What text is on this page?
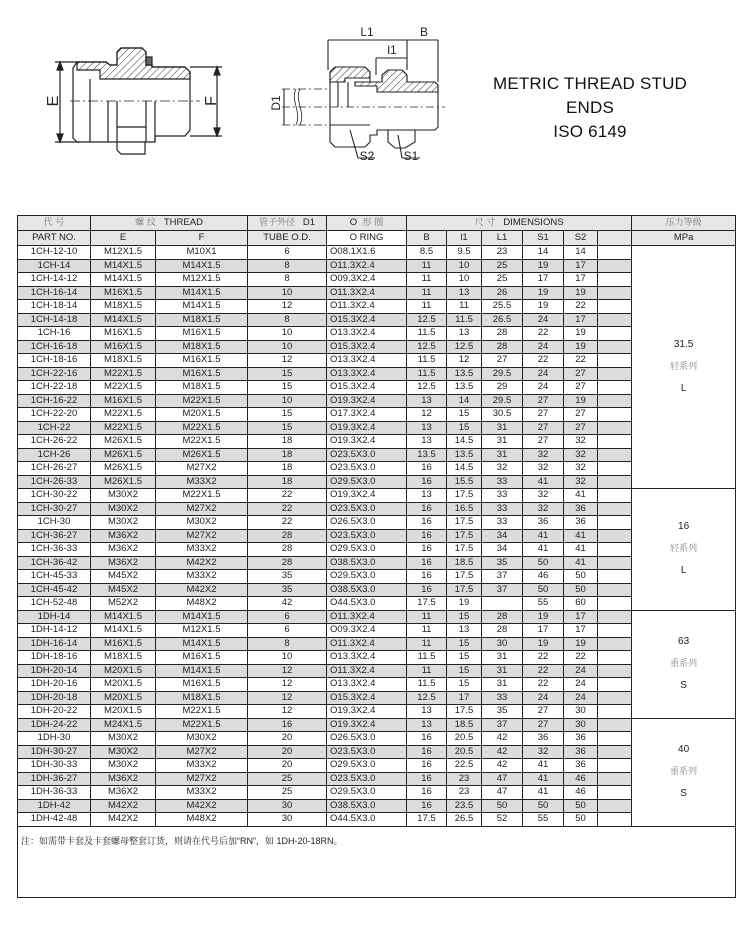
E	F
L1	B
l1
D1
S2 S1
METRIC THREAD STUD ENDS
ISO 6149
代 号	螺 纹 THREAD		管子外径 D1	O 形 圈	尺 寸 DIMENSIONS						压力等级
PART NO.	E	F	TUBE O.D.	O RING	B	l1	L1	S1	S2		MPa
1CH-12-10	M12X1.5	M10X1	6	O08.1X1.6	8.5	9.5	23	14	14		31.5
轻系列
L

1CH-14	M14X1.5	M14X1.5	8	O11.3X2.4	11	10	25	19	17		
1CH-14-12	M14X1.5	M12X1.5	8	O09.3X2.4	11	10	25	17	17		
1CH-16-14	M16X1.5	M14X1.5	10	O11.3X2.4	11	13	26	19	19		
1CH-18-14	M18X1.5	M14X1.5	12	O11.3X2.4	11	11	25.5	19	22		
1CH-14-18	M14X1.5	M18X1.5	8	O15.3X2.4	12.5	11.5	26.5	24	17		
1CH-16	M16X1.5	M16X1.5	10	O13.3X2.4	11.5	13	28	22	19		
1CH-16-18	M16X1.5	M18X1.5	10	O15.3X2.4	12.5	12.5	28	24	19		
1CH-18-16	M18X1.5	M16X1.5	12	O13.3X2.4	11.5	12	27	22	22		
1CH-22-16	M22X1.5	M16X1.5	15	O13.3X2.4	11.5	13.5	29.5	24	27		
1CH-22-18	M22X1.5	M18X1.5	15	O15.3X2.4	12.5	13.5	29	24	27		
1CH-16-22	M16X1.5	M22X1.5	10	O19.3X2.4	13	14	29.5	27	19		
1CH-22-20	M22X1.5	M20X1.5	15	O17.3X2.4	12	15	30.5	27	27		
1CH-22	M22X1.5	M22X1.5	15	O19.3X2.4	13	15	31	27	27		
1CH-26-22	M26X1.5	M22X1.5	18	O19.3X2.4	13	14.5	31	27	32		
1CH-26	M26X1.5	M26X1.5	18	O23.5X3.0	13.5	13.5	31	32	32		
1CH-26-27	M26X1.5	M27X2	18	O23.5X3.0	16	14.5	32	32	32		
1CH-26-33	M26X1.5	M33X2	18	O29.5X3.0	16	15.5	33	41	32		
1CH-30-22	M30X2	M22X1.5	22	O19.3X2.4	13	17.5	33	32	41		16
轻系列
L

1CH-30-27	M30X2	M27X2	22	O23.5X3.0	16	16.5	33	32	36		
1CH-30	M30X2	M30X2	22	O26.5X3.0	16	17.5	33	36	36		
1CH-36-27	M36X2	M27X2	28	O23.5X3.0	16	17.5	34	41	41		
1CH-36-33	M36X2	M33X2	28	O29.5X3.0	16	17.5	34	41	41		
1CH-36-42	M36X2	M42X2	28	O38.5X3.0	16	18.5	35	50	41		
1CH-45-33	M45X2	M33X2	35	O29.5X3.0	16	17.5	37	46	50		
1CH-45-42	M45X2	M42X2	35	O38.5X3.0	16	17.5	37	50	50		
1CH-52-48	M52X2	M48X2	42	O44.5X3.0	17.5	19		55	60		
1DH-14	M14X1.5	M14X1.5	6	O11.3X2.4	11	15	28	19	17		63
重系列
S

1DH-14-12	M14X1.5	M12X1.5	6	O09.3X2.4	11	13	28	17	17		
1DH-16-14	M16X1.5	M14X1.5	8	O11.3X2.4	11	15	30	19	19		
1DH-18-16	M18X1.5	M16X1.5	10	O13.3X2.4	11.5	15	31	22	22		
1DH-20-14	M20X1.5	M14X1.5	12	O11.3X2.4	11	15	31	22	24		
1DH-20-16	M20X1.5	M16X1.5	12	O13.3X2.4	11.5	15	31	22	24		
1DH-20-18	M20X1.5	M18X1.5	12	O15.3X2.4	12.5	17	33	24	24		
1DH-20-22	M20X1.5	M22X1.5	12	O19.3X2.4	13	17.5	35	27	30		
1DH-24-22	M24X1.5	M22X1.5	16	O19.3X2.4	13	18.5	37	27	30		40
重系列
S

1DH-30	M30X2	M30X2	20	O26.5X3.0	16	20.5	42	36	36		
1DH-30-27	M30X2	M27X2	20	O23.5X3.0	16	20.5	42	32	36		
1DH-30-33	M30X2	M33X2	20	O29.5X3.0	16	22.5	42	41	36		
1DH-36-27	M36X2	M27X2	25	O23.5X3.0	16	23	47	41	46		
1DH-36-33	M36X2	M33X2	25	O29.5X3.0	16	23	47	41	46		
1DH-42	M42X2	M42X2	30	O38.5X3.0	16	23.5	50	50	50		
1DH-42-48	M42X2	M48X2	30	O44.5X3.0	17.5	26.5	52	55	50		
注：如需带卡套及卡套螺母整套订货，则请在代号后加“RN”，如 1DH-20-18RN。											
